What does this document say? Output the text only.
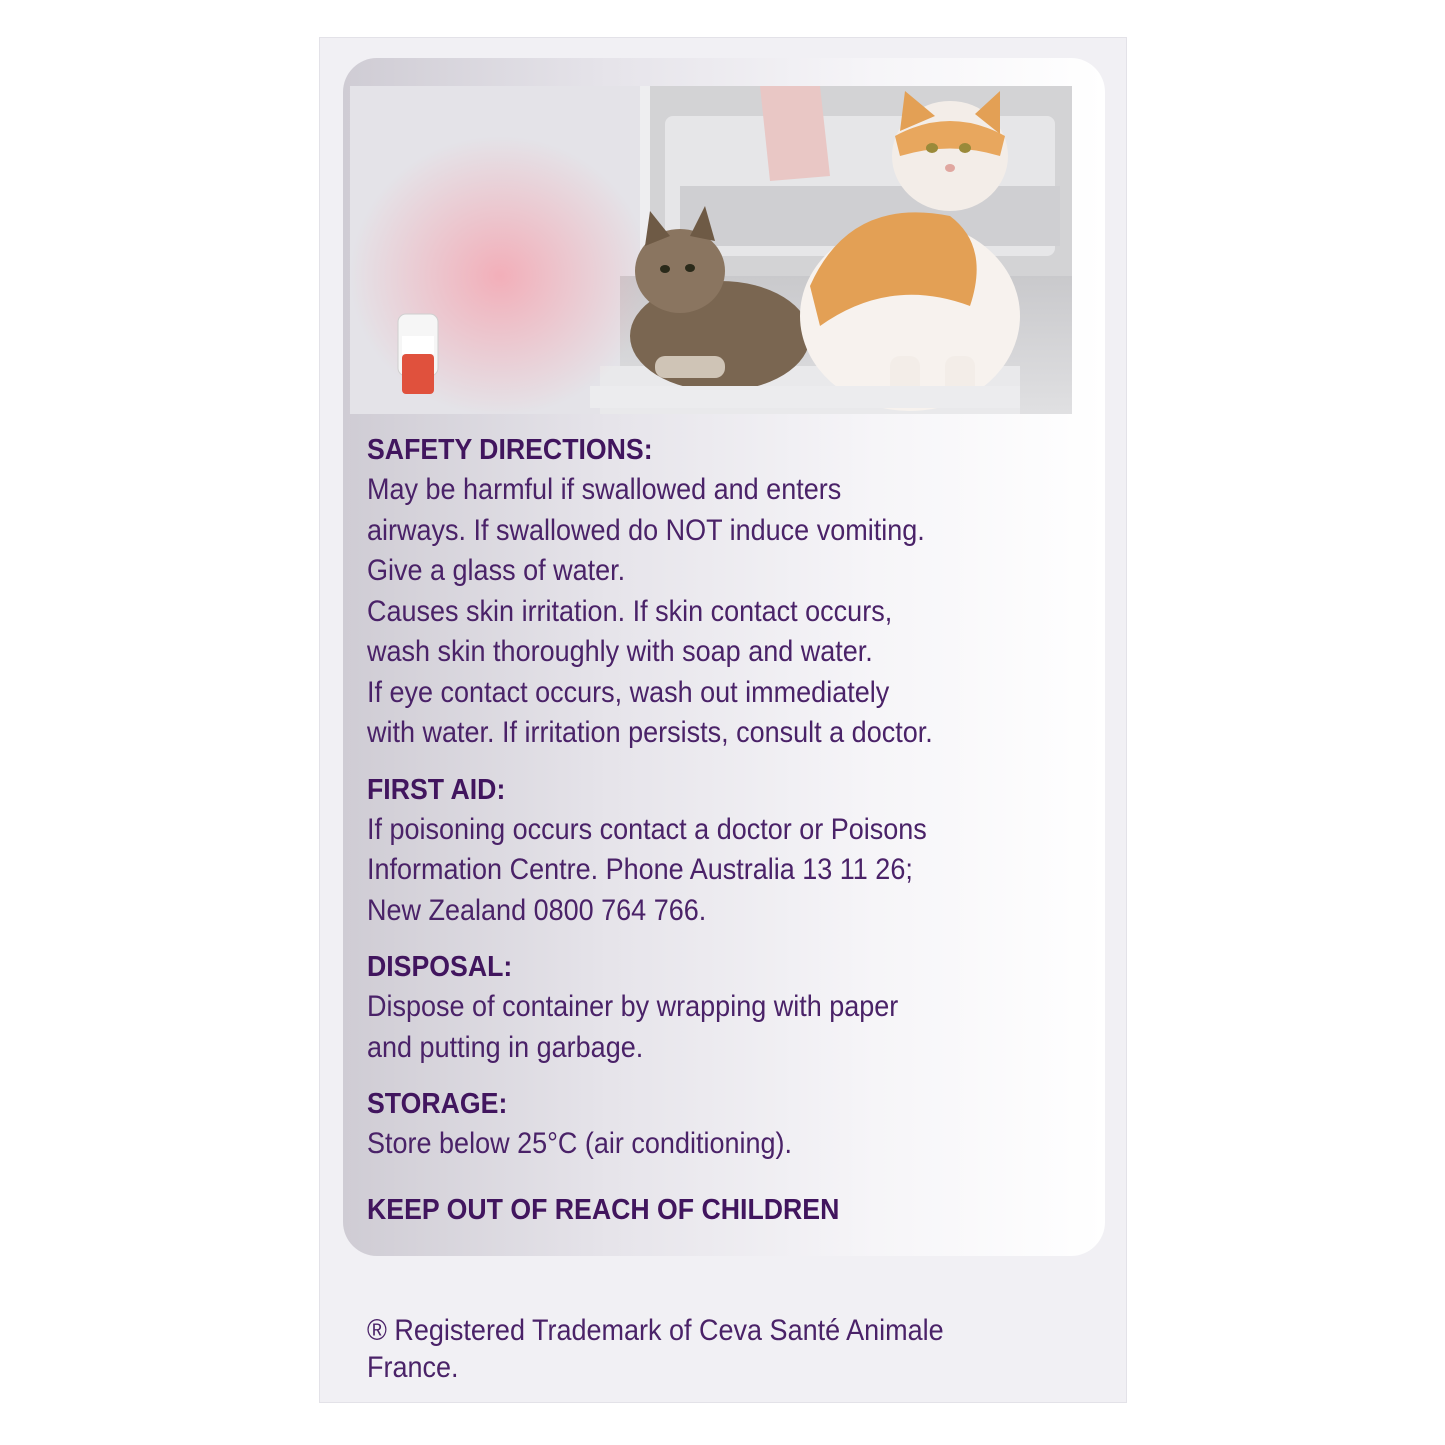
SAFETY DIRECTIONS:
May be harmful if swallowed and enters
airways. If swallowed do NOT induce vomiting.
Give a glass of water.
Causes skin irritation. If skin contact occurs,
wash skin thoroughly with soap and water.
If eye contact occurs, wash out immediately
with water. If irritation persists, consult a doctor.
FIRST AID:
If poisoning occurs contact a doctor or Poisons
Information Centre. Phone Australia 13 11 26;
New Zealand 0800 764 766.
DISPOSAL:
Dispose of container by wrapping with paper
and putting in garbage.
STORAGE:
Store below 25°C (air conditioning).
KEEP OUT OF REACH OF CHILDREN
® Registered Trademark of Ceva Santé Animale
France.
